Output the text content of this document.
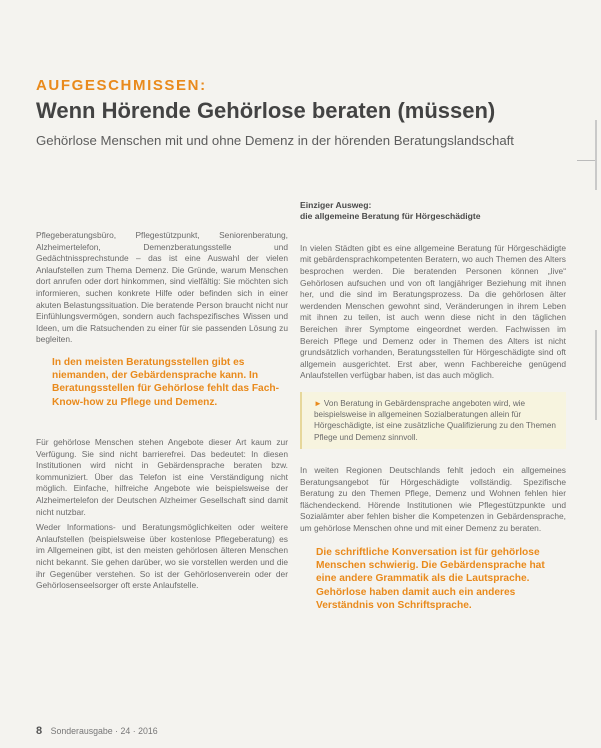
AUFGESCHMISSEN:
Wenn Hörende Gehörlose beraten (müssen)
Gehörlose Menschen mit und ohne Demenz in der hörenden Beratungslandschaft

Pflegeberatungsbüro, Pflegestützpunkt, Seniorenberatung, Alzheimertelefon, Demenzberatungsstelle und Gedächtnissprechstunde – das ist eine Auswahl der vielen Anlaufstellen zum Thema Demenz. Die Gründe, warum Menschen dort anrufen oder dort hinkommen, sind vielfältig: Sie möchten sich informieren, suchen konkrete Hilfe oder befinden sich in einer akuten Belastungssituation. Die beratende Person braucht nicht nur Einfühlungsvermögen, sondern auch fachspezifisches Wissen und Ideen, um die Ratsuchenden zu einer für sie passenden Lösung zu begleiten.

In den meisten Beratungsstellen gibt es niemanden, der Gebärdensprache kann. In Beratungsstellen für Gehörlose fehlt das Fach-Know-how zu Pflege und Demenz.

Für gehörlose Menschen stehen Angebote dieser Art kaum zur Verfügung. Sie sind nicht barrierefrei. Das bedeutet: In diesen Institutionen wird nicht in Gebärdensprache beraten bzw. kommuniziert. Über das Telefon ist eine Verständigung nicht möglich. Einfache, hilfreiche Angebote wie beispielsweise der Alzheimertelefon der Deutschen Alzheimer Gesellschaft sind damit nicht nutzbar.

Weder Informations- und Beratungsmöglichkeiten oder weitere Anlaufstellen (beispielsweise über kostenlose Pflegeberatung) es im Allgemeinen gibt, ist den meisten gehörlosen älteren Menschen nicht bekannt. Sie gehen darüber, wo sie vorstellen werden und die ihr Gegenüber verstehen. So ist der Gehörlosenverein oder der Gehörlosenseelsorger oft erste Anlaufstelle.

Einziger Ausweg:
die allgemeine Beratung für Hörgeschädigte

In vielen Städten gibt es eine allgemeine Beratung für Hörgeschädigte mit gebärdensprachkompetenten Beratern, wo auch Themen des Alters besprochen werden. Die beratenden Personen können „live“ Gehörlosen aufsuchen und von oft langjähriger Beziehung mit ihnen her, und die sind im Beratungsprozess. Da die gehörlosen älter werdenden Menschen gewohnt sind, Veränderungen in ihrem Leben mit ihnen zu teilen, ist auch wenn diese nicht in den täglichen Bereichen ihrer Symptome eingeordnet werden. Fachwissen im Bereich Pflege und Demenz oder in Themen des Alters ist nicht grundsätzlich vorhanden, Beratungsstellen für Hörgeschädigte sind oft allgemein ausgerichtet. Erst aber, wenn Fachbereiche genügend Anlaufstellen verfügbar haben, ist das auch möglich.

► Von Beratung in Gebärdensprache angeboten wird, wie beispielsweise in allgemeinen Sozialberatungen allein für Hörgeschädigte, ist eine zusätzliche Qualifizierung zu den Themen Pflege und Demenz sinnvoll.

In weiten Regionen Deutschlands fehlt jedoch ein allgemeines Beratungsangebot für Hörgeschädigte vollständig. Spezifische Beratung zu den Themen Pflege, Demenz und Wohnen fehlen hier flächendeckend. Hörende Institutionen wie Pflegestützpunkte und Sozialämter aber fehlen bisher die Kompetenzen in Gebärdensprache, um gehörlose Menschen ohne und mit einer Demenz zu beraten.

Die schriftliche Konversation ist für gehörlose Menschen schwierig. Die Gebärdensprache hat eine andere Grammatik als die Lautsprache. Gehörlose haben damit auch ein anderes Verständnis von Schriftsprache.

8 Sonderausgabe · 24 · 2016
